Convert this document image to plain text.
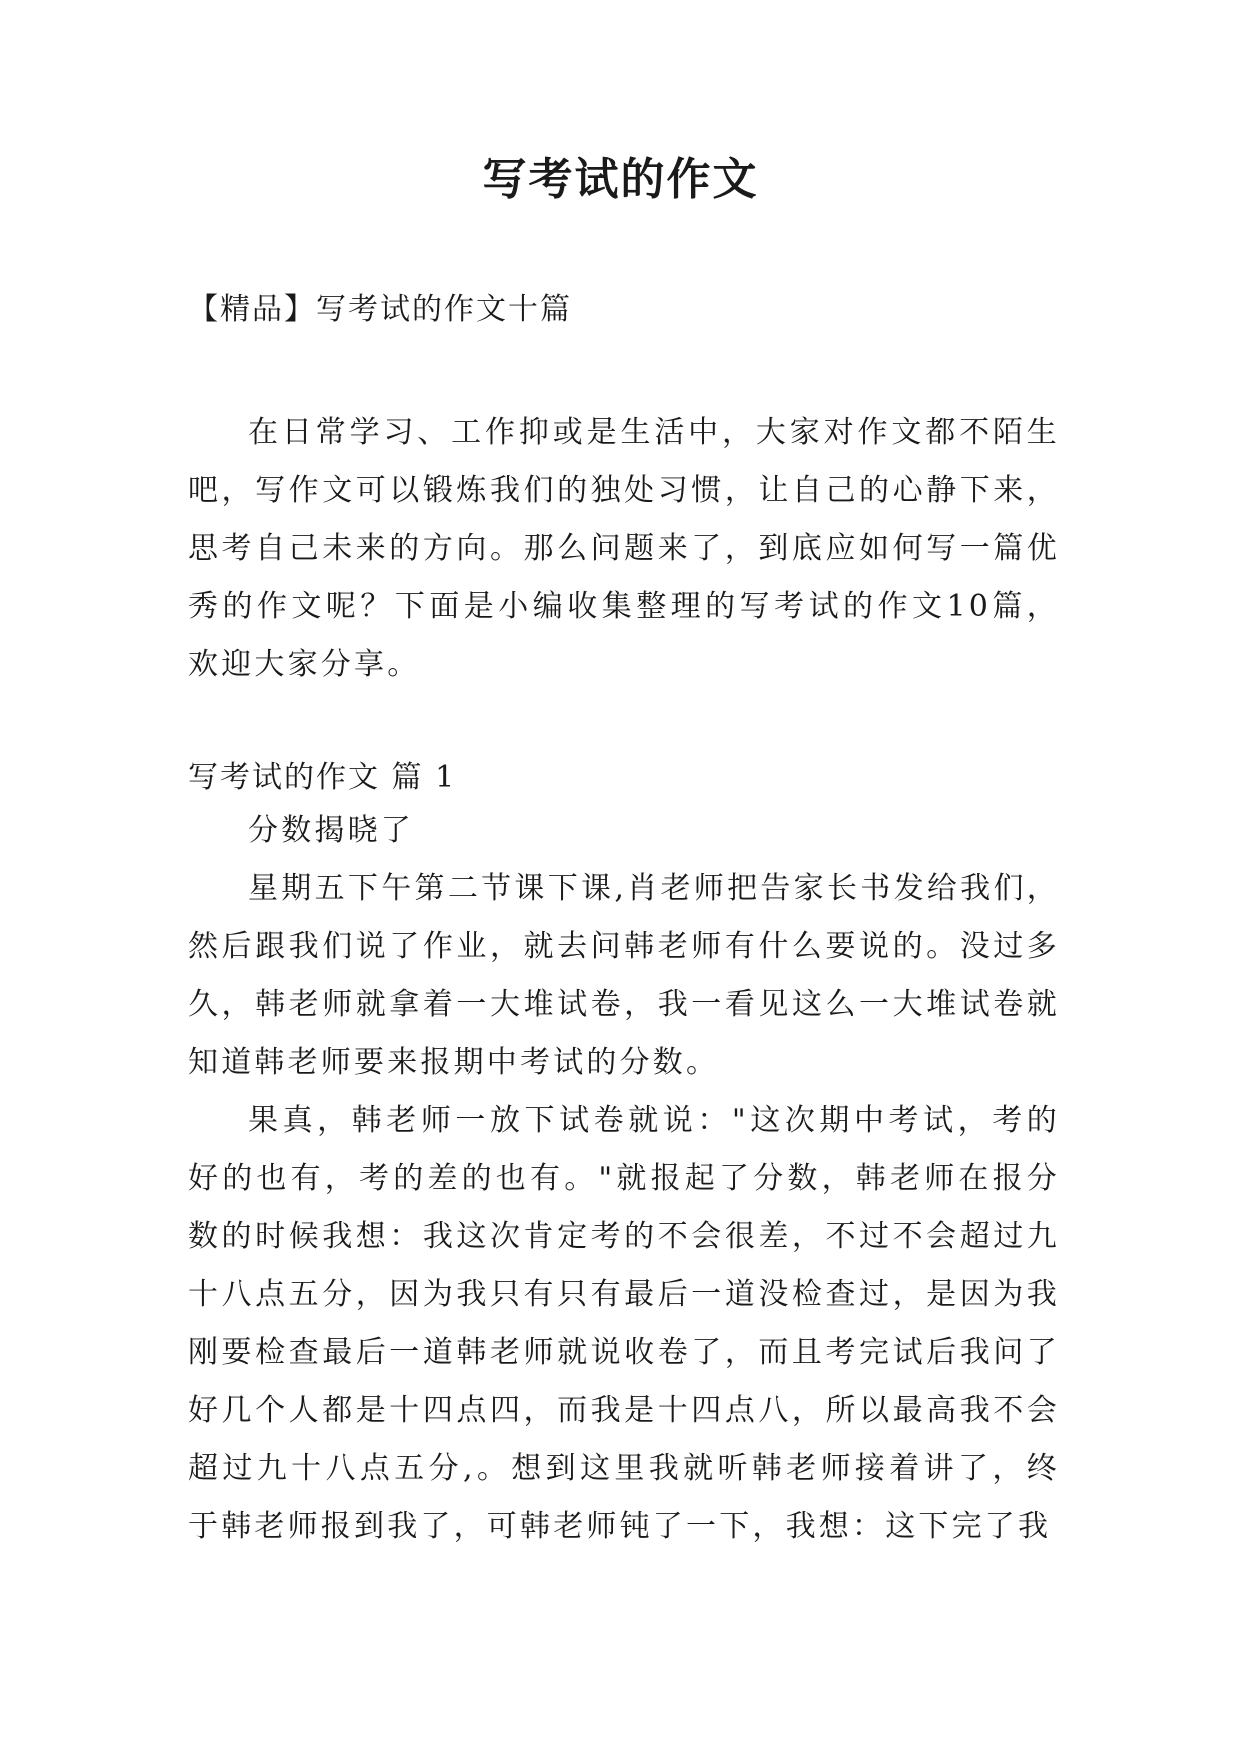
写考试的作文
【精品】写考试的作文十篇

在日常学习、工作抑或是生活中，大家对作文都不陌生吧，写作文可以锻炼我们的独处习惯，让自己的心静下来，思考自己未来的方向。那么问题来了，到底应如何写一篇优秀的作文呢？下面是小编收集整理的写考试的作文10篇，欢迎大家分享。

写考试的作文 篇 1

分数揭晓了

星期五下午第二节课下课,肖老师把告家长书发给我们，然后跟我们说了作业，就去问韩老师有什么要说的。没过多久，韩老师就拿着一大堆试卷，我一看见这么一大堆试卷就知道韩老师要来报期中考试的分数。

果真，韩老师一放下试卷就说："这次期中考试，考的好的也有，考的差的也有。"就报起了分数，韩老师在报分数的时候我想：我这次肯定考的不会很差，不过不会超过九十八点五分，因为我只有只有最后一道没检查过，是因为我刚要检查最后一道韩老师就说收卷了，而且考完试后我问了好几个人都是十四点四，而我是十四点八，所以最高我不会超过九十八点五分,。想到这里我就听韩老师接着讲了，终于韩老师报到我了，可韩老师钝了一下，我想：这下完了我
